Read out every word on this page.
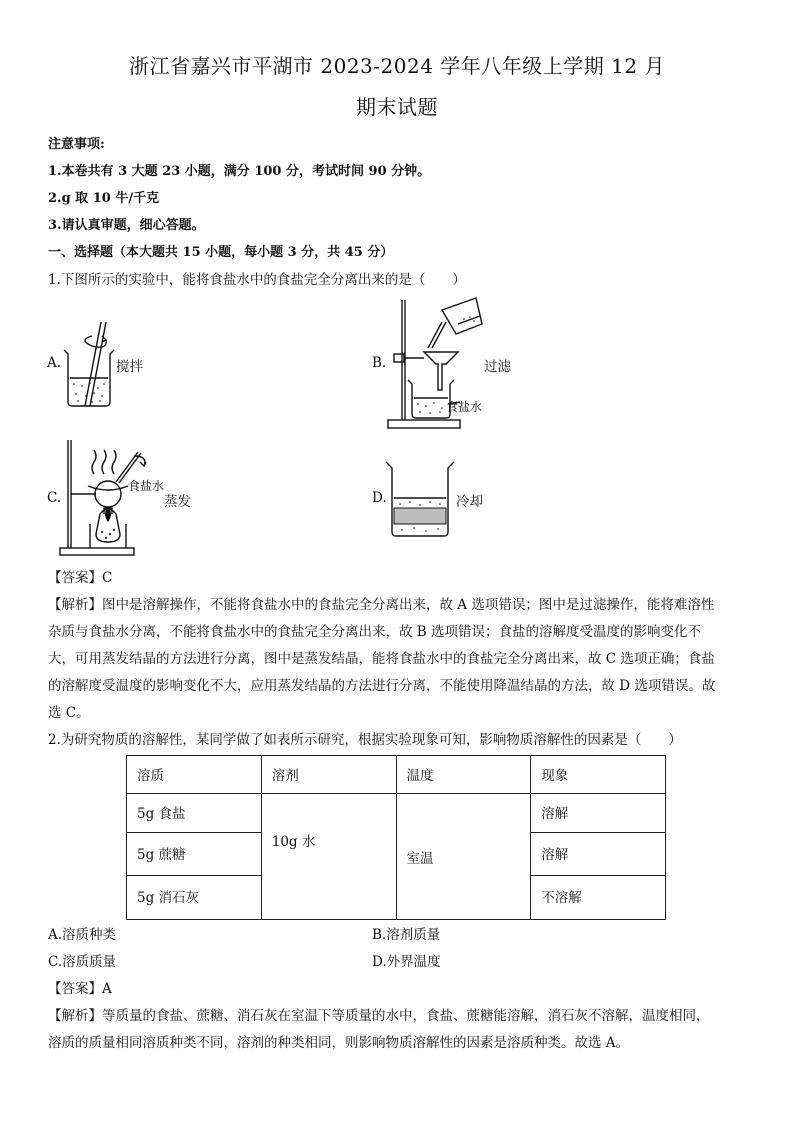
浙江省嘉兴市平湖市 2023-2024 学年八年级上学期 12 月
期末试题
注意事项:
1.本卷共有 3 大题 23 小题，满分 100 分，考试时间 90 分钟。
2.g 取 10 牛/千克
3.请认真审题，细心答题。
一、选择题（本大题共 15 小题，每小题 3 分，共 45 分）
1.下图所示的实验中，能将食盐水中的食盐完全分离出来的是（　　）
A.	搅拌	B.
食盐水
过滤
C.
食盐水
蒸发	D.	冷却
【答案】C
【解析】图中是溶解操作，不能将食盐水中的食盐完全分离出来，故 A 选项错误；图中是过滤操作，能将难溶性
杂质与食盐水分离，不能将食盐水中的食盐完全分离出来，故 B 选项错误；食盐的溶解度受温度的影响变化不
大，可用蒸发结晶的方法进行分离，图中是蒸发结晶，能将食盐水中的食盐完全分离出来，故 C 选项正确；食盐
的溶解度受温度的影响变化不大，应用蒸发结晶的方法进行分离，不能使用降温结晶的方法，故 D 选项错误。故
选 C。
2.为研究物质的溶解性，某同学做了如表所示研究，根据实验现象可知，影响物质溶解性的因素是（　　）
溶质	溶剂	温度	现象
5g 食盐	10g 水	室温	溶解
5g 蔗糖			溶解
5g 消石灰			不溶解
A.溶质种类	B.溶剂质量
C.溶质质量	D.外界温度
【答案】A
【解析】等质量的食盐、蔗糖、消石灰在室温下等质量的水中，食盐、蔗糖能溶解，消石灰不溶解，温度相同，
溶质的质量相同溶质种类不同，溶剂的种类相同，则影响物质溶解性的因素是溶质种类。故选 A。
